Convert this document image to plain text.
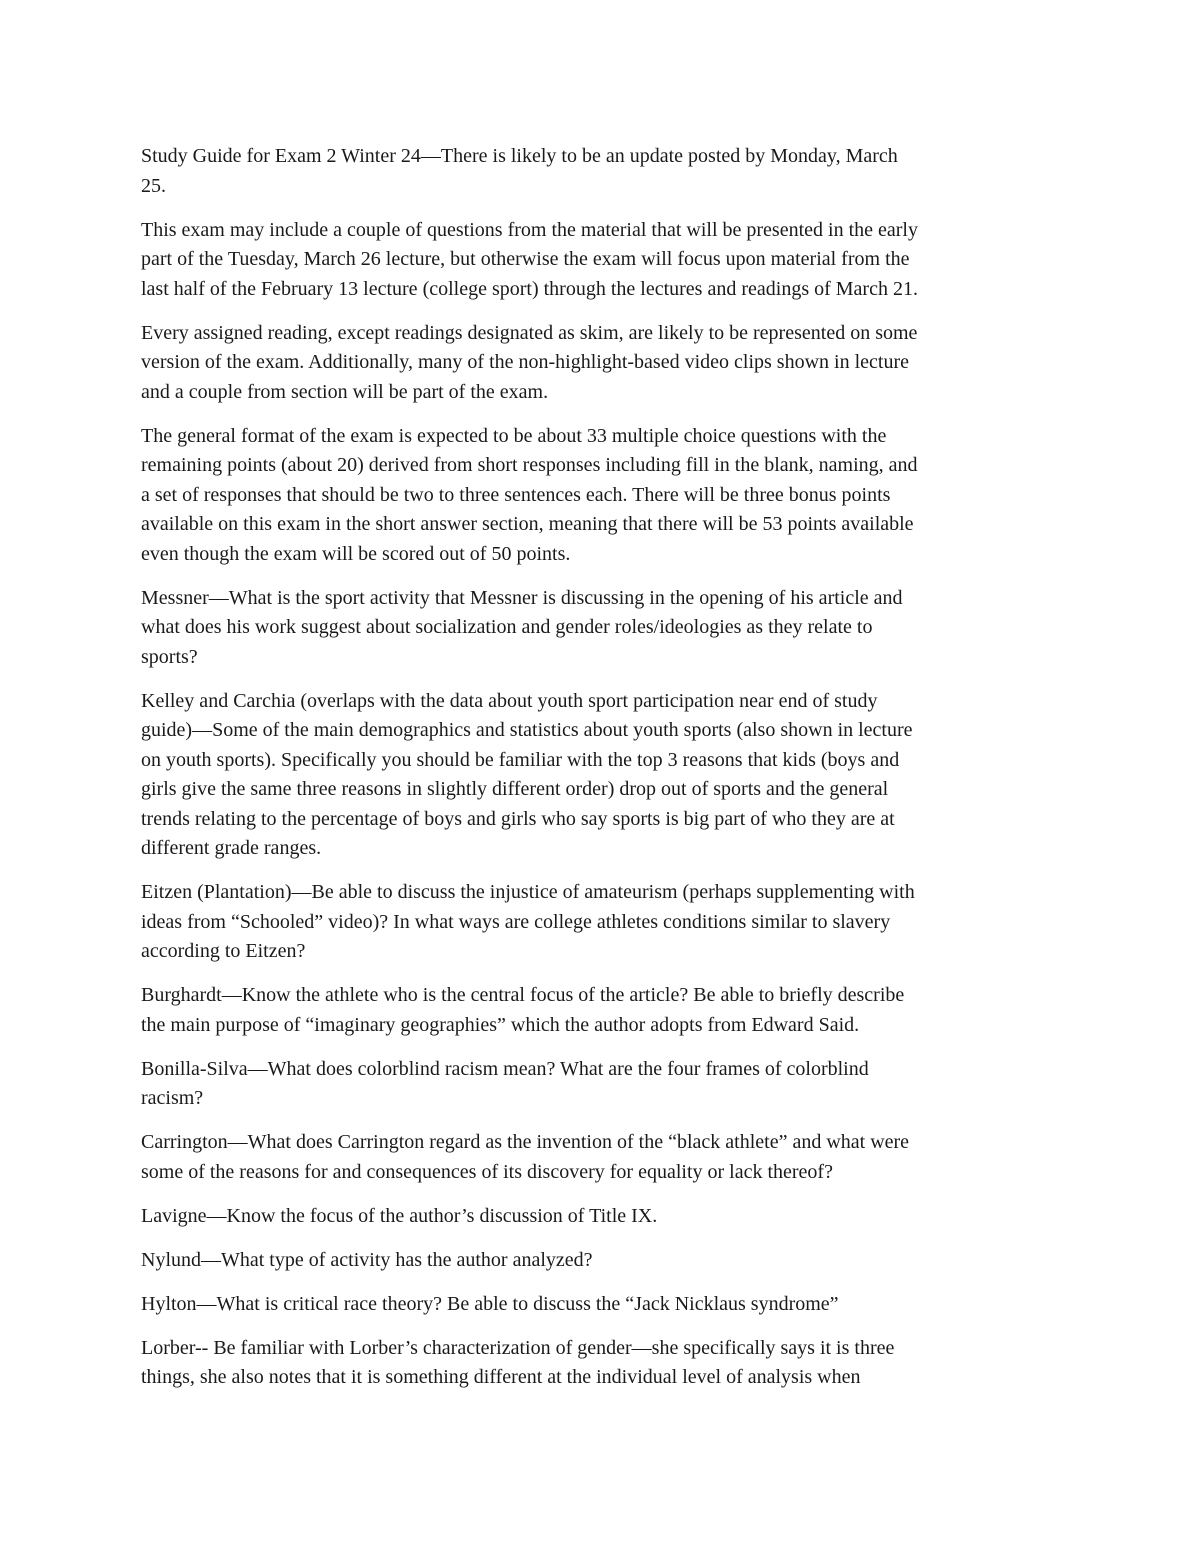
Study Guide for Exam 2 Winter 24—There is likely to be an update posted by Monday, March
25.

This exam may include a couple of questions from the material that will be presented in the early
part of the Tuesday, March 26 lecture, but otherwise the exam will focus upon material from the
last half of the February 13 lecture (college sport) through the lectures and readings of March 21.

Every assigned reading, except readings designated as skim, are likely to be represented on some
version of the exam. Additionally, many of the non-highlight-based video clips shown in lecture
and a couple from section will be part of the exam.

The general format of the exam is expected to be about 33 multiple choice questions with the
remaining points (about 20) derived from short responses including fill in the blank, naming, and
a set of responses that should be two to three sentences each. There will be three bonus points
available on this exam in the short answer section, meaning that there will be 53 points available
even though the exam will be scored out of 50 points.

Messner—What is the sport activity that Messner is discussing in the opening of his article and
what does his work suggest about socialization and gender roles/ideologies as they relate to
sports?

Kelley and Carchia (overlaps with the data about youth sport participation near end of study
guide)—Some of the main demographics and statistics about youth sports (also shown in lecture
on youth sports). Specifically you should be familiar with the top 3 reasons that kids (boys and
girls give the same three reasons in slightly different order) drop out of sports and the general
trends relating to the percentage of boys and girls who say sports is big part of who they are at
different grade ranges.

Eitzen (Plantation)—Be able to discuss the injustice of amateurism (perhaps supplementing with
ideas from “Schooled” video)? In what ways are college athletes conditions similar to slavery
according to Eitzen?

Burghardt—Know the athlete who is the central focus of the article? Be able to briefly describe
the main purpose of “imaginary geographies” which the author adopts from Edward Said.

Bonilla-Silva—What does colorblind racism mean? What are the four frames of colorblind
racism?

Carrington—What does Carrington regard as the invention of the “black athlete” and what were
some of the reasons for and consequences of its discovery for equality or lack thereof?

Lavigne—Know the focus of the author’s discussion of Title IX.

Nylund—What type of activity has the author analyzed?

Hylton—What is critical race theory? Be able to discuss the “Jack Nicklaus syndrome”

Lorber-- Be familiar with Lorber’s characterization of gender—she specifically says it is three
things, she also notes that it is something different at the individual level of analysis when
